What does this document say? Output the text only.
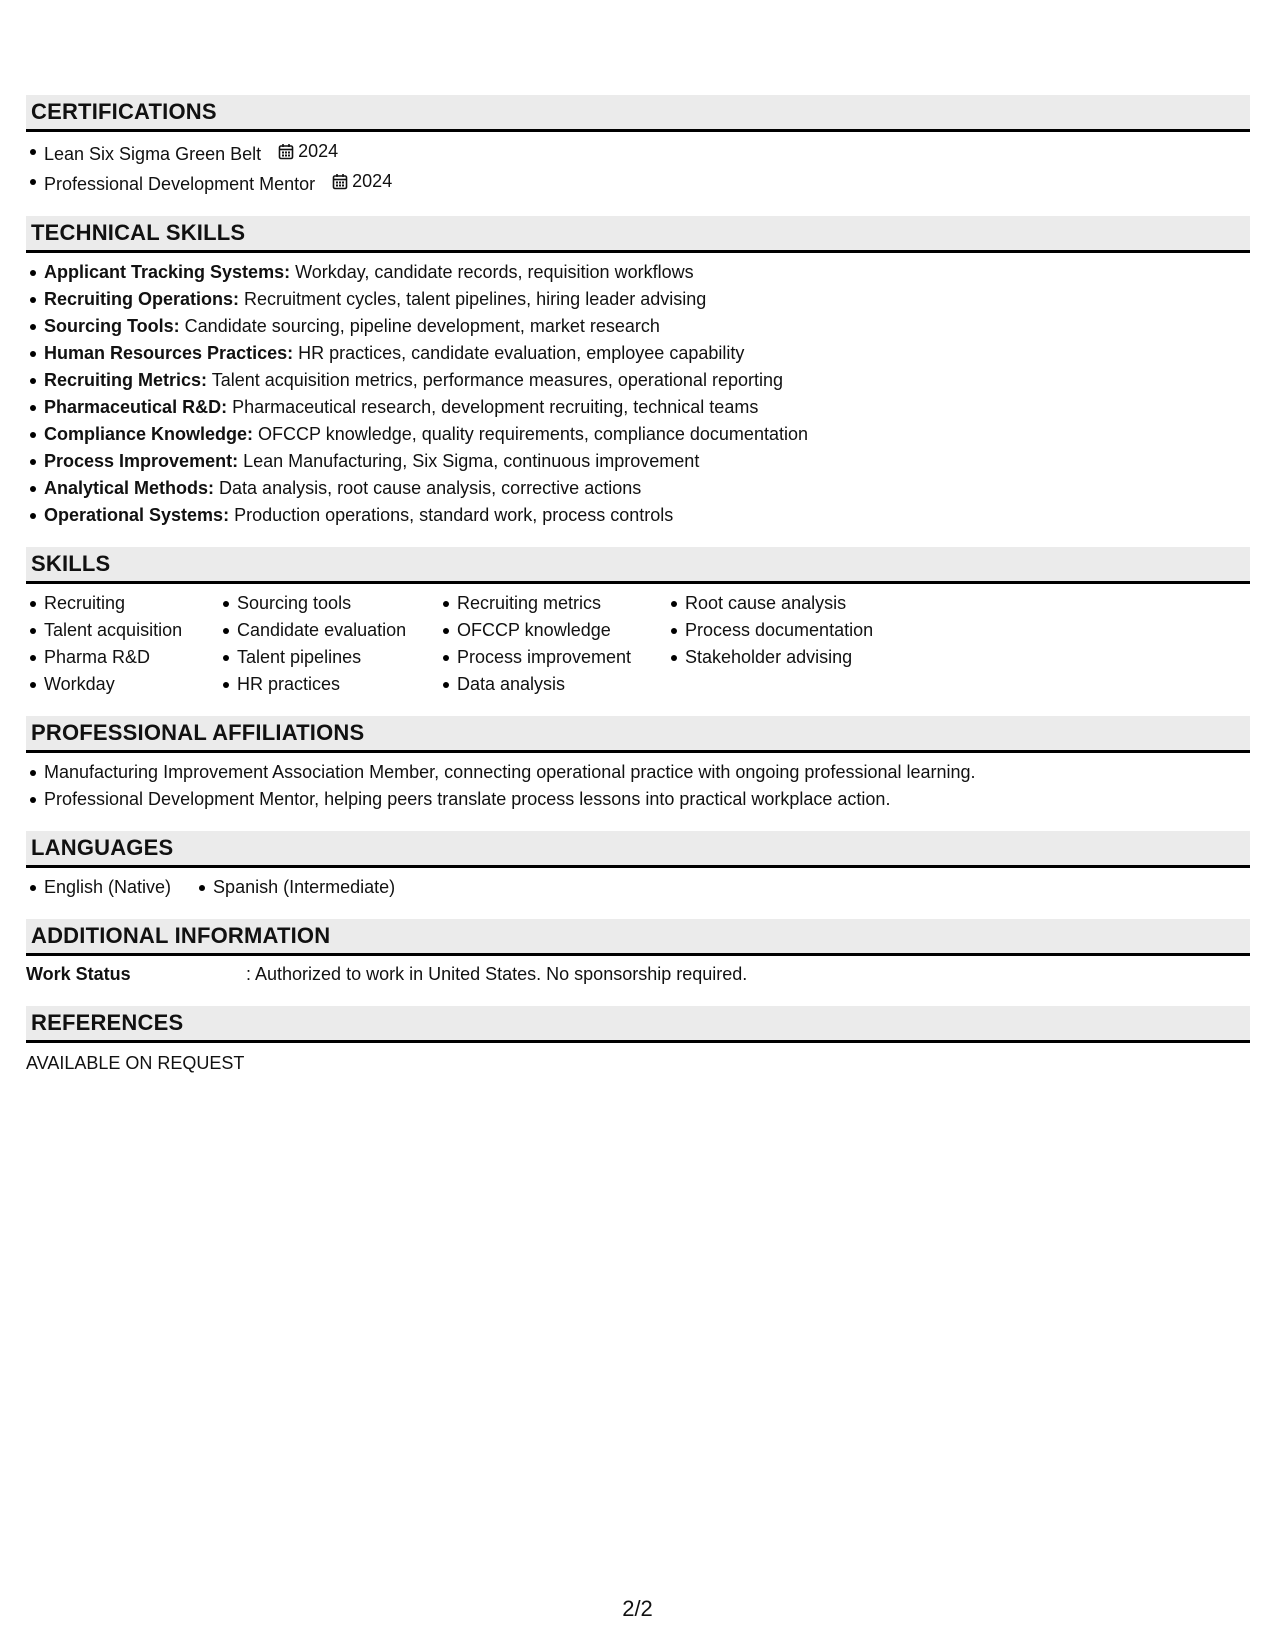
CERTIFICATIONS
Lean Six Sigma Green Belt 2024
Professional Development Mentor 2024
TECHNICAL SKILLS
Applicant Tracking Systems: Workday, candidate records, requisition workflows
Recruiting Operations: Recruitment cycles, talent pipelines, hiring leader advising
Sourcing Tools: Candidate sourcing, pipeline development, market research
Human Resources Practices: HR practices, candidate evaluation, employee capability
Recruiting Metrics: Talent acquisition metrics, performance measures, operational reporting
Pharmaceutical R&D: Pharmaceutical research, development recruiting, technical teams
Compliance Knowledge: OFCCP knowledge, quality requirements, compliance documentation
Process Improvement: Lean Manufacturing, Six Sigma, continuous improvement
Analytical Methods: Data analysis, root cause analysis, corrective actions
Operational Systems: Production operations, standard work, process controls
SKILLS
Recruiting
Talent acquisition
Pharma R&D
Workday
Sourcing tools
Candidate evaluation
Talent pipelines
HR practices
Recruiting metrics
OFCCP knowledge
Process improvement
Data analysis
Root cause analysis
Process documentation
Stakeholder advising
PROFESSIONAL AFFILIATIONS
Manufacturing Improvement Association Member, connecting operational practice with ongoing professional learning.
Professional Development Mentor, helping peers translate process lessons into practical workplace action.
LANGUAGES
English (Native)	Spanish (Intermediate)
ADDITIONAL INFORMATION
Work Status	: Authorized to work in United States. No sponsorship required.
REFERENCES
AVAILABLE ON REQUEST
2/2
